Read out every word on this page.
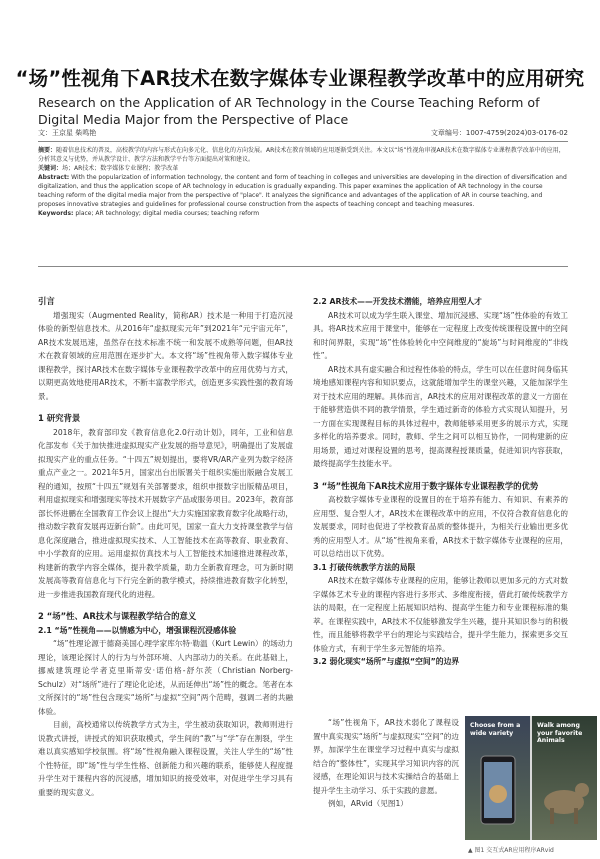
“场”性视角下AR技术在数字媒体专业课程教学改革中的应用研究
Research on the Application of AR Technology in the Course Teaching Reform of Digital Media Major from the Perspective of Place
文：王京星 柴鸣艳	文章编号：1007-4759(2024)03-0176-02

摘要：随着信息技术的普及，高校教学的内容与形式在向多元化、信息化的方向发展。AR技术在教育领域的应用逐渐受到关注。本文以“场”性视角审视AR技术在数字媒体专业课程教学改革中的应用，分析其意义与优势，并从教学设计、教学方法和教学平台等方面提出对策和建议。

关键词：场；AR技术；数字媒体专业课程；教学改革

Abstract: With the popularization of information technology, the content and form of teaching in colleges and universities are developing in the direction of diversification and digitalization, and thus the application scope of AR technology in education is gradually expanding. This paper examines the application of AR technology in the course teaching reform of the digital media major from the perspective of "place". It analyzes the significance and advantages of the application of AR in course teaching, and proposes innovative strategies and guidelines for professional course construction from the aspects of teaching concept and teaching measures.

Keywords: place; AR technology; digital media courses; teaching reform

引言

增强现实（Augmented Reality，简称AR）技术是一种用于打造沉浸体验的新型信息技术。从2016年“虚拟现实元年”到2021年“元宇宙元年”，AR技术发展迅速，虽然存在技术标准不统一和发展不成熟等问题，但AR技术在教育领域的应用范围在逐步扩大。本文将“场”性视角带入数字媒体专业课程教学，探讨AR技术在数字媒体专业课程教学改革中的应用优势与方式，以期更高效地使用AR技术，不断丰富教学形式，创造更多实践性强的教育场景。

1 研究背景

2018年，教育部印发《教育信息化2.0行动计划》，同年，工业和信息化部发布《关于加快推进虚拟现实产业发展的指导意见》，明确提出了发展虚拟现实产业的重点任务。“十四五”规划提出，要将VR/AR产业列为数字经济重点产业之一。2021年5月，国家出台出版署关于组织实施出版融合发展工程的通知，按照“十四五”规划有关部署要求，组织申报数字出版精品项目，利用虚拟现实和增强现实等技术开展数字产品或服务项目。2023年，教育部部长怀进鹏在全国教育工作会议上提出“大力实施国家教育数字化战略行动，推动数字教育发展再迈新台阶”。由此可见，国家一直大力支持课堂教学与信息化深度融合，推进虚拟现实技术、人工智能技术在高等教育、职业教育、中小学教育的应用。运用虚拟仿真技术与人工智能技术加速推进课程改革，构建新的教学内容全媒体，提升教学质量，助力全新教育理念，可为新时期发展高等教育信息化与下行完全新的教学模式，持续推进教育数字化转型，进一步推进我国教育现代化的进程。

2 “场”性、AR技术与课程教学结合的意义
2.1 “场”性视角——以情感为中心，增强课程沉浸感体验

“场”性理论源于德裔美国心理学家库尔特·勒温（Kurt Lewin）的场动力理论，该理论探讨人的行为与外部环境、人内部动力的关系。在此基础上，挪威建筑理论学者克里斯蒂安·诺伯格-舒尔茨（Christian Norberg-Schulz）对“场所”进行了理论化论述，从而延伸出“场”性的概念。笔者在本文所探讨的“场”性包含现实“场所”与虚拟“空间”两个范畴，强调二者的共融体验。

目前，高校通常以传统教学方式为主，学生被动获取知识，教师则进行说教式讲授，讲授式的知识获取模式，学生间的“教”与“学”存在割裂，学生难以真实感知学校氛围。将“场”性视角融入课程设置，关注人学生的“场”性个性特征，即“场”性与学生性格、创新能力和兴趣的联系，能够使人程度提升学生对于课程内容的沉浸感，增加知识的接受效率，对促进学生学习具有重要的现实意义。

2.2 AR技术——开发技术潜能，培养应用型人才

AR技术可以成为学生联入课堂、增加沉浸感、实现“场”性体验的有效工具。将AR技术应用于课堂中，能够在一定程度上改变传统课程设置中的空间和时间界限，实现“场”性体验转化中空间维度的“旋场”与时间维度的“非线性”。

AR技术具有虚实融合和过程性体验的特点，学生可以在任意时间身临其境地感知课程内容和知识要点，这就能增加学生的课堂兴趣，又能加深学生对于技术应用的理解。具体而言，AR技术的应用对课程改革的意义一方面在于能够营造供不同的教学情景，学生通过新奇的体验方式实现认知提升，另一方面在实现课程目标的具体过程中，教师能够采用更多的展示方式，实现多样化的培养要求。同时，教师、学生之间可以相互协作，一同构建新的应用场景，通过对课程设置的思考，提高课程授课质量，促进知识内容获取，最终提高学生技能水平。

3 “场”性视角下AR技术应用于数字媒体专业课程教学的优势

高校数字媒体专业课程的设置目的在于培养有能力、有知识、有素养的应用型、复合型人才，AR技术在课程改革中的应用，不仅符合教育信息化的发展要求，同时也促进了学校教育品质的整体提升，为相关行业输出更多优秀的应用型人才。从“场”性视角来看，AR技术于数字媒体专业课程的应用，可以总结出以下优势。

3.1 打破传统教学方法的局限

AR技术在数字媒体专业课程的应用，能够让教师以更加多元的方式对数字媒体艺术专业的课程内容进行多形式、多维度衔接，借此打破传统教学方法的局限，在一定程度上拓展知识结构、提高学生能力和专业课程标准的集萃。在课程实践中，AR技术不仅能够激发学生兴趣，提升其知识参与的积极性，而且能够将教学平台的理论与实践结合，提升学生能力，探索更多交互体验方式，有利于学生多元智能的培养。

3.2 弱化现实“场所”与虚拟“空间”的边界

“场”性视角下，AR技术弱化了课程设置中真实现实“场所”与虚拟现实“空间”的边界，加深学生在课堂学习过程中真实与虚拟结合的“整体性”，实现其学习知识内容的沉浸感，在理论知识与技术实操结合的基础上提升学生主动学习、乐于实践的意愿。

例如，ARvid（见图1）

Choose from a wide variety
Walk among your favorite Animals
▲ 图1 交互式AR应用程序ARvid
